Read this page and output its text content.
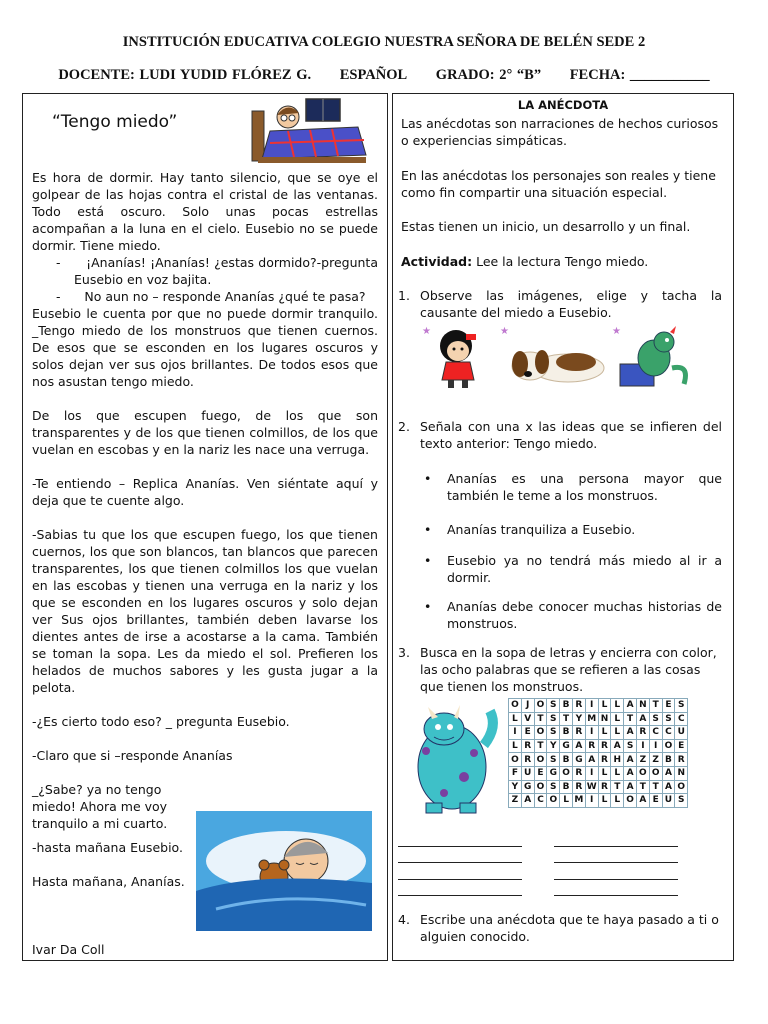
INSTITUCIÓN EDUCATIVA COLEGIO NUESTRA SEÑORA DE BELÉN SEDE 2
DOCENTE: LUDI YUDID FLÓREZ G. ESPAÑOL GRADO: 2° “B” FECHA: ___________
“Tengo miedo”

Es hora de dormir. Hay tanto silencio, que se oye el golpear de las hojas contra el cristal de las ventanas. Todo está oscuro. Solo unas pocas estrellas acompañan a la luna en el cielo. Eusebio no se puede dormir. Tiene miedo.

-      ¡Ananías! ¡Ananías! ¿estas dormido?-pregunta Eusebio en voz bajita.

-      No aun no – responde Ananías ¿qué te pasa?

Eusebio le cuenta por que no puede dormir tranquilo. _Tengo miedo de los monstruos que tienen cuernos. De esos que se esconden en los lugares oscuros y solos dejan ver sus ojos brillantes. De todos esos que nos asustan tengo miedo.

De los que escupen fuego, de los que son transparentes y de los que tienen colmillos, de los que vuelan en escobas y en la nariz les nace una verruga.

-Te entiendo – Replica Ananías. Ven siéntate aquí y deja que te cuente algo.

-Sabias tu que los que escupen fuego, los que tienen cuernos, los que son blancos, tan blancos que parecen transparentes, los que tienen colmillos los que vuelan en las escobas y tienen una verruga en la nariz y los que se esconden en los lugares oscuros y solo dejan ver Sus ojos brillantes, también deben lavarse los dientes antes de irse a acostarse a la cama. También se toman la sopa. Les da miedo el sol. Prefieren los helados de muchos sabores y les gusta jugar a la pelota.

-¿Es cierto todo eso? _ pregunta Eusebio.

-Claro que si –responde Ananías

_¿Sabe? ya no tengo miedo! Ahora me voy tranquilo a mi cuarto.

-hasta mañana Eusebio.
Hasta mañana, Ananías.
Ivar Da Coll
LA ANÉCDOTA
Las anécdotas son narraciones de hechos curiosos o experiencias simpáticas.
En las anécdotas los personajes son reales y tiene como fin compartir una situación especial.
Estas tienen un inicio, un desarrollo y un final.
Actividad: Lee la lectura Tengo miedo.
1. Observe las imágenes, elige y tacha la causante del miedo a Eusebio.
★	★	★
2. Señala con una x las ideas que se infieren del texto anterior: Tengo miedo.
•	Ananías es una persona mayor que también le teme a los monstruos.
•	Ananías tranquiliza a Eusebio.
•	Eusebio ya no tendrá más miedo al ir a dormir.
•	Ananías debe conocer muchas historias de monstruos.
3. Busca en la sopa de letras y encierra con color, las ocho palabras que se refieren a las cosas que tienen los monstruos.
O	J	O	S	B	R	I	L	L	A	N	T	E	S
L	V	T	S	T	Y	M	N	L	T	A	S	S	C
I	E	O	S	B	R	I	L	L	A	R	C	C	U
L	R	T	Y	G	A	R	R	A	S	I	I	O	E
O	R	O	S	B	G	A	R	H	A	Z	Z	B	R
F	U	E	G	O	R	I	L	L	A	O	O	A	N
Y	G	O	S	B	R	W	R	T	A	T	T	A	O
Z	A	C	O	L	M	I	L	L	O	A	E	U	S
4. Escribe una anécdota que te haya pasado a ti o alguien conocido.
